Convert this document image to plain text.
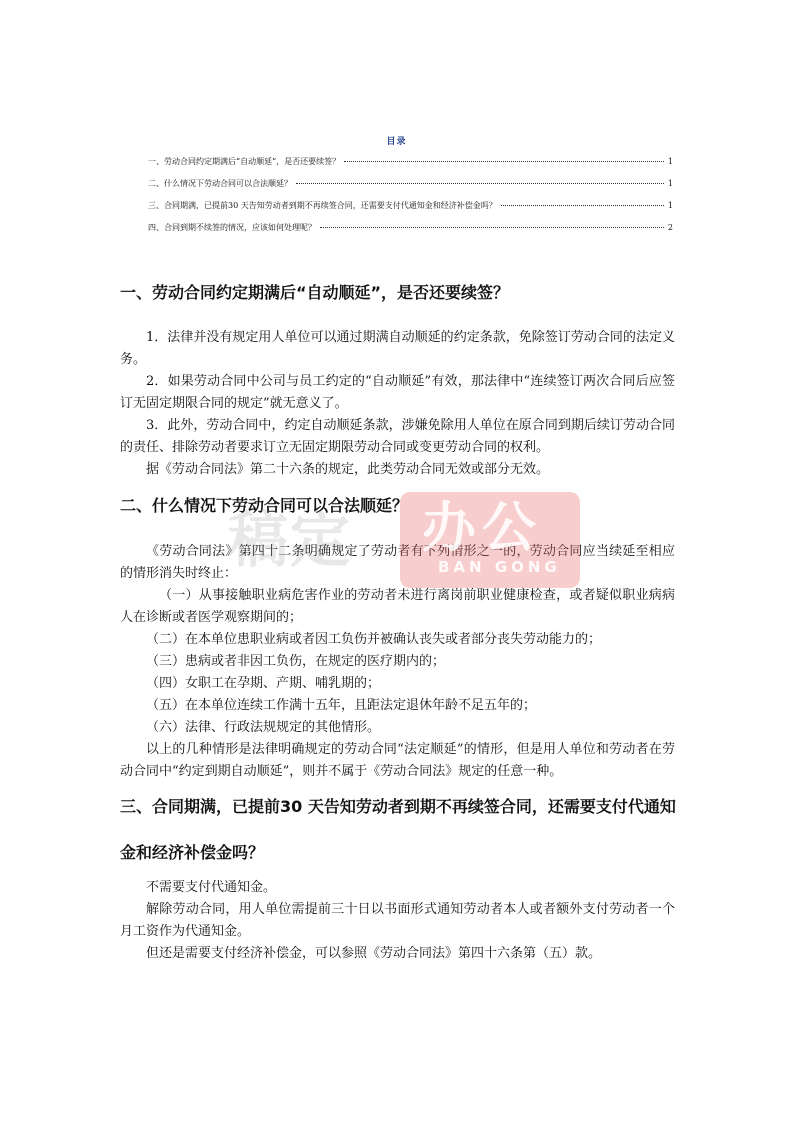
目录
一、劳动合同约定期满后“自动顺延”，是否还要续签？	1
二、什么情况下劳动合同可以合法顺延？	1
三、合同期满，已提前30 天告知劳动者到期不再续签合同，还需要支付代通知金和经济补偿金吗？	1
四、合同到期不续签的情况，应该如何处理呢？	2
一、劳动合同约定期满后“自动顺延”，是否还要续签？

1．法律并没有规定用人单位可以通过期满自动顺延的约定条款，免除签订劳动合同的法定义务。

2．如果劳动合同中公司与员工约定的“自动顺延”有效，那法律中“连续签订两次合同后应签订无固定期限合同的规定”就无意义了。

3．此外，劳动合同中，约定自动顺延条款，涉嫌免除用人单位在原合同到期后续订劳动合同的责任、排除劳动者要求订立无固定期限劳动合同或变更劳动合同的权利。

据《劳动合同法》第二十六条的规定，此类劳动合同无效或部分无效。

二、什么情况下劳动合同可以合法顺延？

《劳动合同法》第四十二条明确规定了劳动者有下列情形之一的，劳动合同应当续延至相应的情形消失时终止：

（一）从事接触职业病危害作业的劳动者未进行离岗前职业健康检查，或者疑似职业病病人在诊断或者医学观察期间的；

（二）在本单位患职业病或者因工负伤并被确认丧失或者部分丧失劳动能力的；

（三）患病或者非因工负伤，在规定的医疗期内的；

（四）女职工在孕期、产期、哺乳期的；

（五）在本单位连续工作满十五年，且距法定退休年龄不足五年的；

（六）法律、行政法规规定的其他情形。

以上的几种情形是法律明确规定的劳动合同“法定顺延”的情形，但是用人单位和劳动者在劳动合同中“约定到期自动顺延”，则并不属于《劳动合同法》规定的任意一种。

三、合同期满，已提前30 天告知劳动者到期不再续签合同，还需要支付代通知金和经济补偿金吗？

不需要支付代通知金。

解除劳动合同，用人单位需提前三十日以书面形式通知劳动者本人或者额外支付劳动者一个月工资作为代通知金。

但还是需要支付经济补偿金，可以参照《劳动合同法》第四十六条第（五）款。

稿定 办公
BAN GONG
